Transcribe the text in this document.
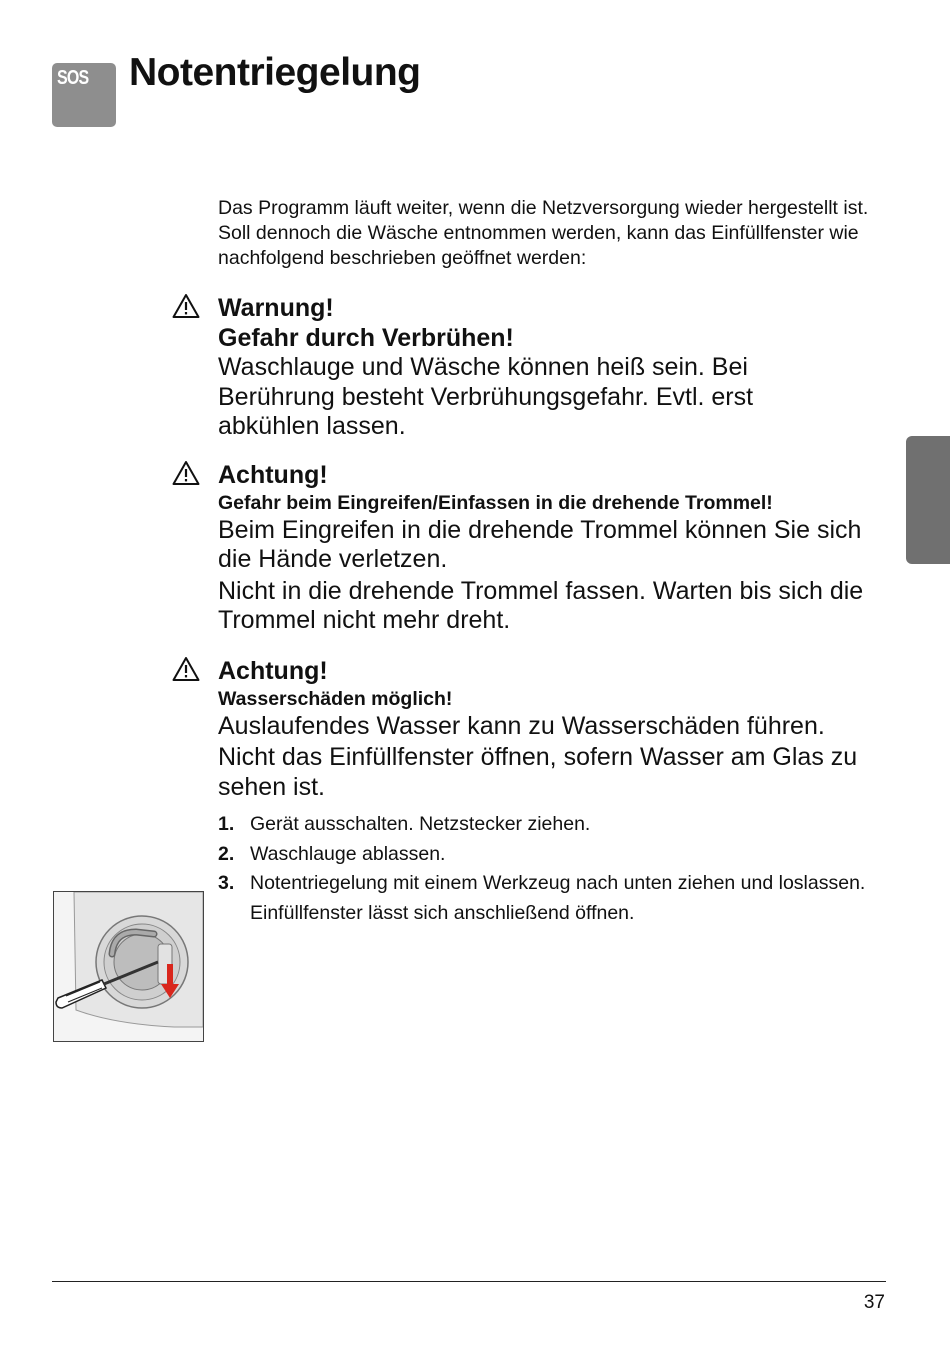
SOS Notentriegelung

Das Programm läuft weiter, wenn die Netzversorgung wieder hergestellt ist. Soll dennoch die Wäsche entnommen werden, kann das Einfüllfenster wie nachfolgend beschrieben geöffnet werden:

Warnung!

Gefahr durch Verbrühen!

Waschlauge und Wäsche können heiß sein. Bei Berührung besteht Verbrühungsgefahr. Evtl. erst abkühlen lassen.

Achtung!

Gefahr beim Eingreifen/Einfassen in die drehende Trommel!

Beim Eingreifen in die drehende Trommel können Sie sich die Hände verletzen.

Nicht in die drehende Trommel fassen. Warten bis sich die Trommel nicht mehr dreht.

Achtung!

Wasserschäden möglich!

Auslaufendes Wasser kann zu Wasserschäden führen.

Nicht das Einfüllfenster öffnen, sofern Wasser am Glas zu sehen ist.

1. Gerät ausschalten. Netzstecker ziehen.
2. Waschlauge ablassen.
3. Notentriegelung mit einem Werkzeug nach unten ziehen und loslassen.
Einfüllfenster lässt sich anschließend öffnen.
37
